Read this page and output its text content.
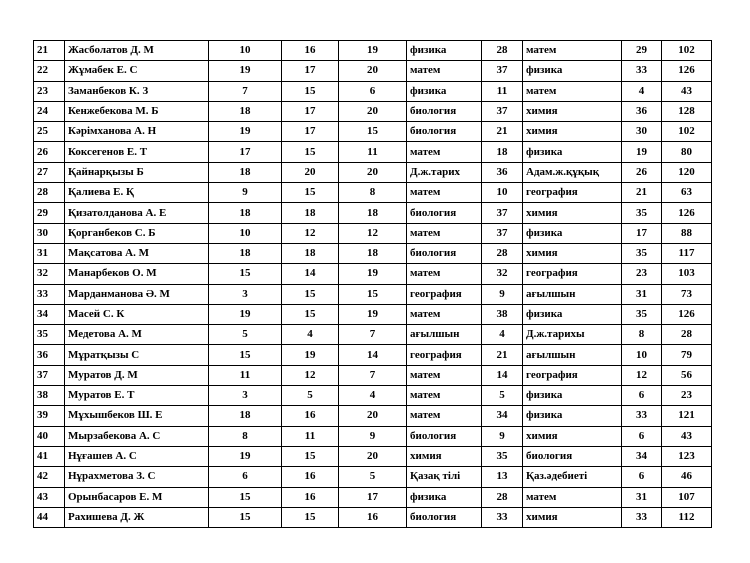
21	Жасболатов Д. М	10	16	19	физика	28	матем	29	102
22	Жұмабек Е. С	19	17	20	матем	37	физика	33	126
23	Заманбеков К. З	7	15	6	физика	11	матем	4	43
24	Кенжебекова М. Б	18	17	20	биология	37	химия	36	128
25	Кәрімханова А. Н	19	17	15	биология	21	химия	30	102
26	Коксегенов Е. Т	17	15	11	матем	18	физика	19	80
27	Қайнарқызы Б	18	20	20	Д.ж.тарих	36	Адам.ж.құқық	26	120
28	Қалиева Е. Қ	9	15	8	матем	10	география	21	63
29	Қизатолданова А. Е	18	18	18	биология	37	химия	35	126
30	Қорганбеков С. Б	10	12	12	матем	37	физика	17	88
31	Мақсатова А. М	18	18	18	биология	28	химия	35	117
32	Манарбеков О. М	15	14	19	матем	32	география	23	103
33	Марданманова Ә. М	3	15	15	география	9	ағылшын	31	73
34	Масей С. К	19	15	19	матем	38	физика	35	126
35	Медетова А. М	5	4	7	ағылшын	4	Д.ж.тарихы	8	28
36	Мұратқызы С	15	19	14	география	21	ағылшын	10	79
37	Муратов Д. М	11	12	7	матем	14	география	12	56
38	Муратов Е. Т	3	5	4	матем	5	физика	6	23
39	Мұхышбеков Ш. Е	18	16	20	матем	34	физика	33	121
40	Мырзабекова А. С	8	11	9	биология	9	химия	6	43
41	Нұғашев А. С	19	15	20	химия	35	биология	34	123
42	Нұрахметова З. С	6	16	5	Қазақ тілі	13	Қаз.әдебиеті	6	46
43	Орынбасаров Е. М	15	16	17	физика	28	матем	31	107
44	Рахишева Д. Ж	15	15	16	биология	33	химия	33	112
